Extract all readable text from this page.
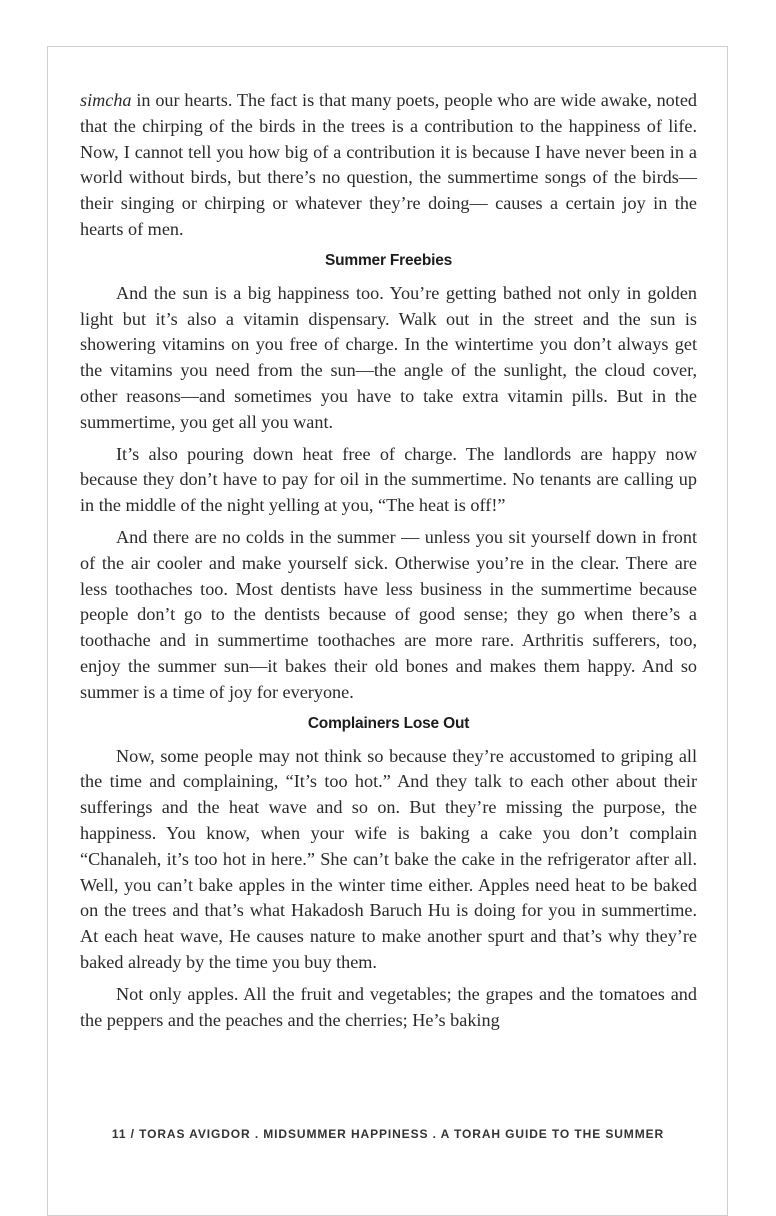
simcha in our hearts. The fact is that many poets, people who are wide awake, noted that the chirping of the birds in the trees is a contribution to the happiness of life. Now, I cannot tell you how big of a contribution it is because I have never been in a world without birds, but there’s no question, the summertime songs of the birds—their singing or chirping or whatever they’re doing— causes a certain joy in the hearts of men.

Summer Freebies

And the sun is a big happiness too. You’re getting bathed not only in golden light but it’s also a vitamin dispensary. Walk out in the street and the sun is showering vitamins on you free of charge. In the wintertime you don’t always get the vitamins you need from the sun—the angle of the sunlight, the cloud cover, other reasons—and sometimes you have to take extra vitamin pills. But in the summertime, you get all you want.

It’s also pouring down heat free of charge. The landlords are happy now because they don’t have to pay for oil in the summertime. No tenants are calling up in the middle of the night yelling at you, “The heat is off!”

And there are no colds in the summer — unless you sit yourself down in front of the air cooler and make yourself sick. Otherwise you’re in the clear. There are less toothaches too. Most dentists have less business in the summertime because people don’t go to the dentists because of good sense; they go when there’s a toothache and in summertime toothaches are more rare. Arthritis sufferers, too, enjoy the summer sun—it bakes their old bones and makes them happy. And so summer is a time of joy for everyone.

Complainers Lose Out

Now, some people may not think so because they’re accustomed to griping all the time and complaining, “It’s too hot.” And they talk to each other about their sufferings and the heat wave and so on. But they’re missing the purpose, the happiness. You know, when your wife is baking a cake you don’t complain “Chanaleh, it’s too hot in here.” She can’t bake the cake in the refrigerator after all. Well, you can’t bake apples in the winter time either. Apples need heat to be baked on the trees and that’s what Hakadosh Baruch Hu is doing for you in summertime. At each heat wave, He causes nature to make another spurt and that’s why they’re baked already by the time you buy them.

Not only apples. All the fruit and vegetables; the grapes and the tomatoes and the peppers and the peaches and the cherries; He’s baking

11 / TORAS AVIGDOR . MIDSUMMER HAPPINESS . A TORAH GUIDE TO THE SUMMER
